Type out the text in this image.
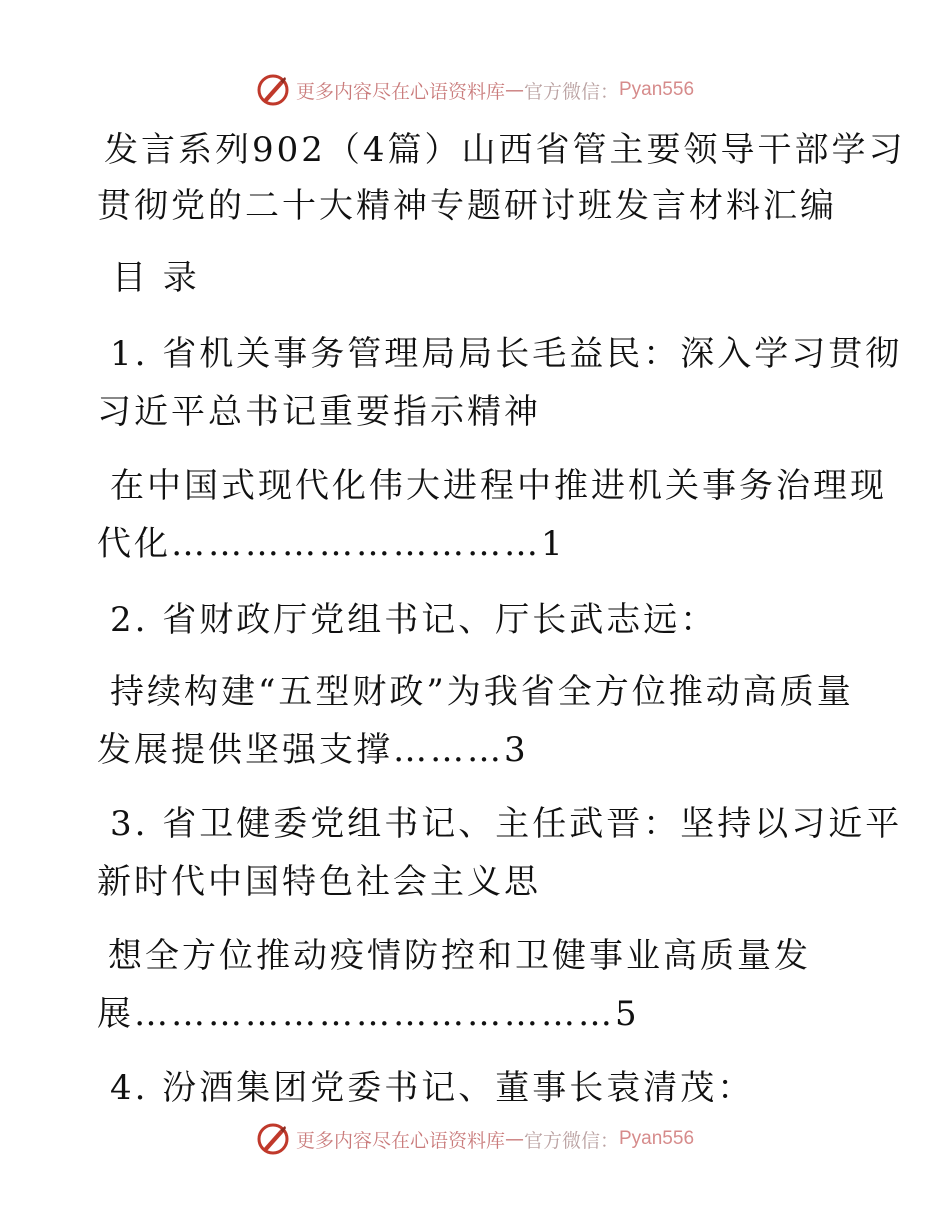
更多内容尽在心语资料库 — 官方微信： Pyan556
发言系列902（4篇）山西省管主要领导干部学习
贯彻党的二十大精神专题研讨班发言材料汇编
目 录
1. 省机关事务管理局局长毛益民：深入学习贯彻
习近平总书记重要指示精神
在中国式现代化伟大进程中推进机关事务治理现
代化…………………………1
2. 省财政厅党组书记、厅长武志远：
持续构建“五型财政”为我省全方位推动高质量
发展提供坚强支撑………3
3. 省卫健委党组书记、主任武晋：坚持以习近平
新时代中国特色社会主义思
想全方位推动疫情防控和卫健事业高质量发
展…………………………………5
4. 汾酒集团党委书记、董事长袁清茂：
更多内容尽在心语资料库 — 官方微信： Pyan556
